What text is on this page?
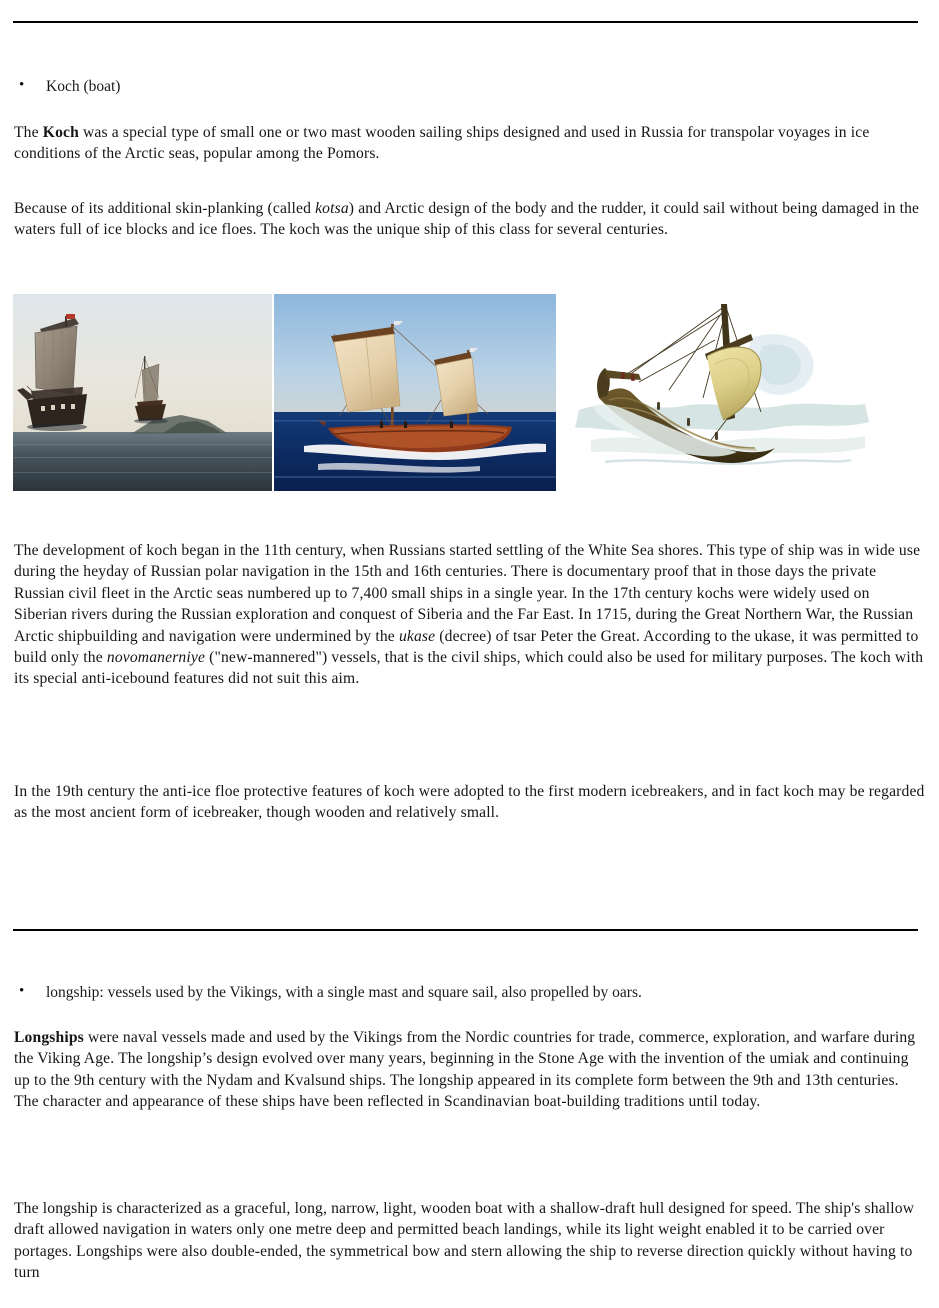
• Koch (boat)

The Koch was a special type of small one or two mast wooden sailing ships designed and used in Russia for transpolar voyages in ice conditions of the Arctic seas, popular among the Pomors.

Because of its additional skin-planking (called kotsa) and Arctic design of the body and the rudder, it could sail without being damaged in the waters full of ice blocks and ice floes. The koch was the unique ship of this class for several centuries.

The development of koch began in the 11th century, when Russians started settling of the White Sea shores. This type of ship was in wide use during the heyday of Russian polar navigation in the 15th and 16th centuries. There is documentary proof that in those days the private Russian civil fleet in the Arctic seas numbered up to 7,400 small ships in a single year. In the 17th century kochs were widely used on Siberian rivers during the Russian exploration and conquest of Siberia and the Far East. In 1715, during the Great Northern War, the Russian Arctic shipbuilding and navigation were undermined by the ukase (decree) of tsar Peter the Great. According to the ukase, it was permitted to build only the novomanerniye ("new-mannered") vessels, that is the civil ships, which could also be used for military purposes. The koch with its special anti-icebound features did not suit this aim.

In the 19th century the anti-ice floe protective features of koch were adopted to the first modern icebreakers, and in fact koch may be regarded as the most ancient form of icebreaker, though wooden and relatively small.

• longship: vessels used by the Vikings, with a single mast and square sail, also propelled by oars.

Longships were naval vessels made and used by the Vikings from the Nordic countries for trade, commerce, exploration, and warfare during the Viking Age. The longship’s design evolved over many years, beginning in the Stone Age with the invention of the umiak and continuing up to the 9th century with the Nydam and Kvalsund ships. The longship appeared in its complete form between the 9th and 13th centuries. The character and appearance of these ships have been reflected in Scandinavian boat-building traditions until today.

The longship is characterized as a graceful, long, narrow, light, wooden boat with a shallow-draft hull designed for speed. The ship's shallow draft allowed navigation in waters only one metre deep and permitted beach landings, while its light weight enabled it to be carried over portages. Longships were also double-ended, the symmetrical bow and stern allowing the ship to reverse direction quickly without having to turn
